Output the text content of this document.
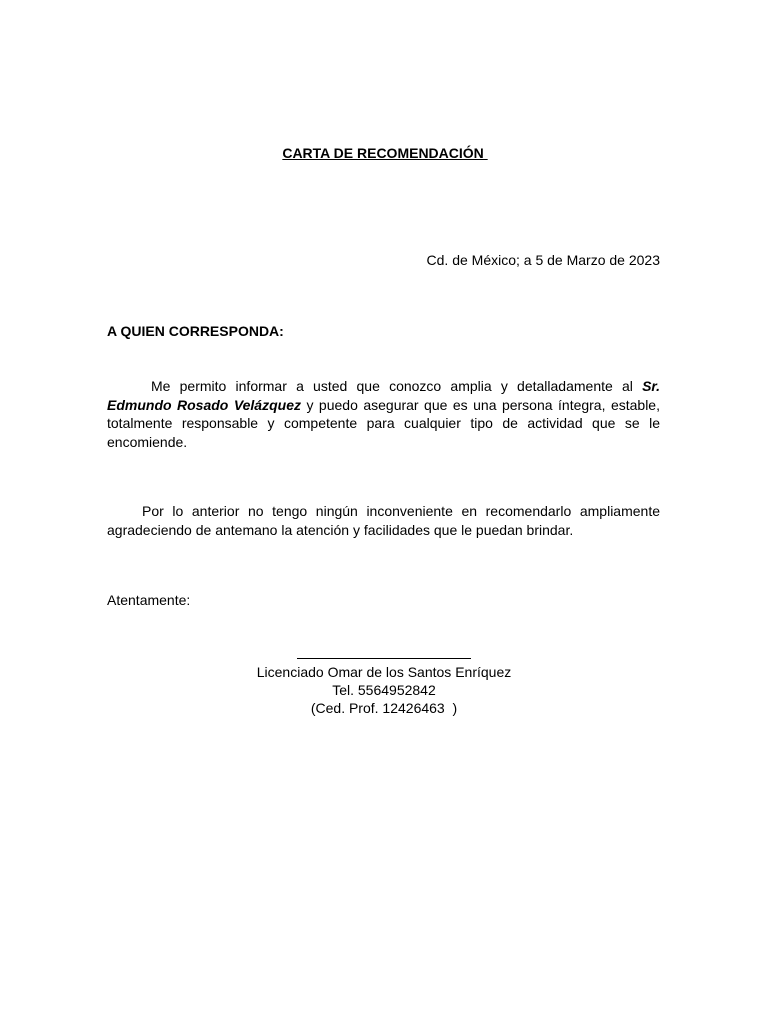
CARTA DE RECOMENDACIÓN
Cd. de México; a 5 de Marzo de 2023
A QUIEN CORRESPONDA:
Me permito informar a usted que conozco amplia y detalladamente al Sr. Edmundo Rosado Velázquez y puedo asegurar que es una persona íntegra, estable, totalmente responsable y competente para cualquier tipo de actividad que se le encomiende.
Por lo anterior no tengo ningún inconveniente en recomendarlo ampliamente agradeciendo de antemano la atención y facilidades que le puedan brindar.
Atentamente:
Licenciado Omar de los Santos Enríquez
Tel. 5564952842
(Ced. Prof. 12426463  )
